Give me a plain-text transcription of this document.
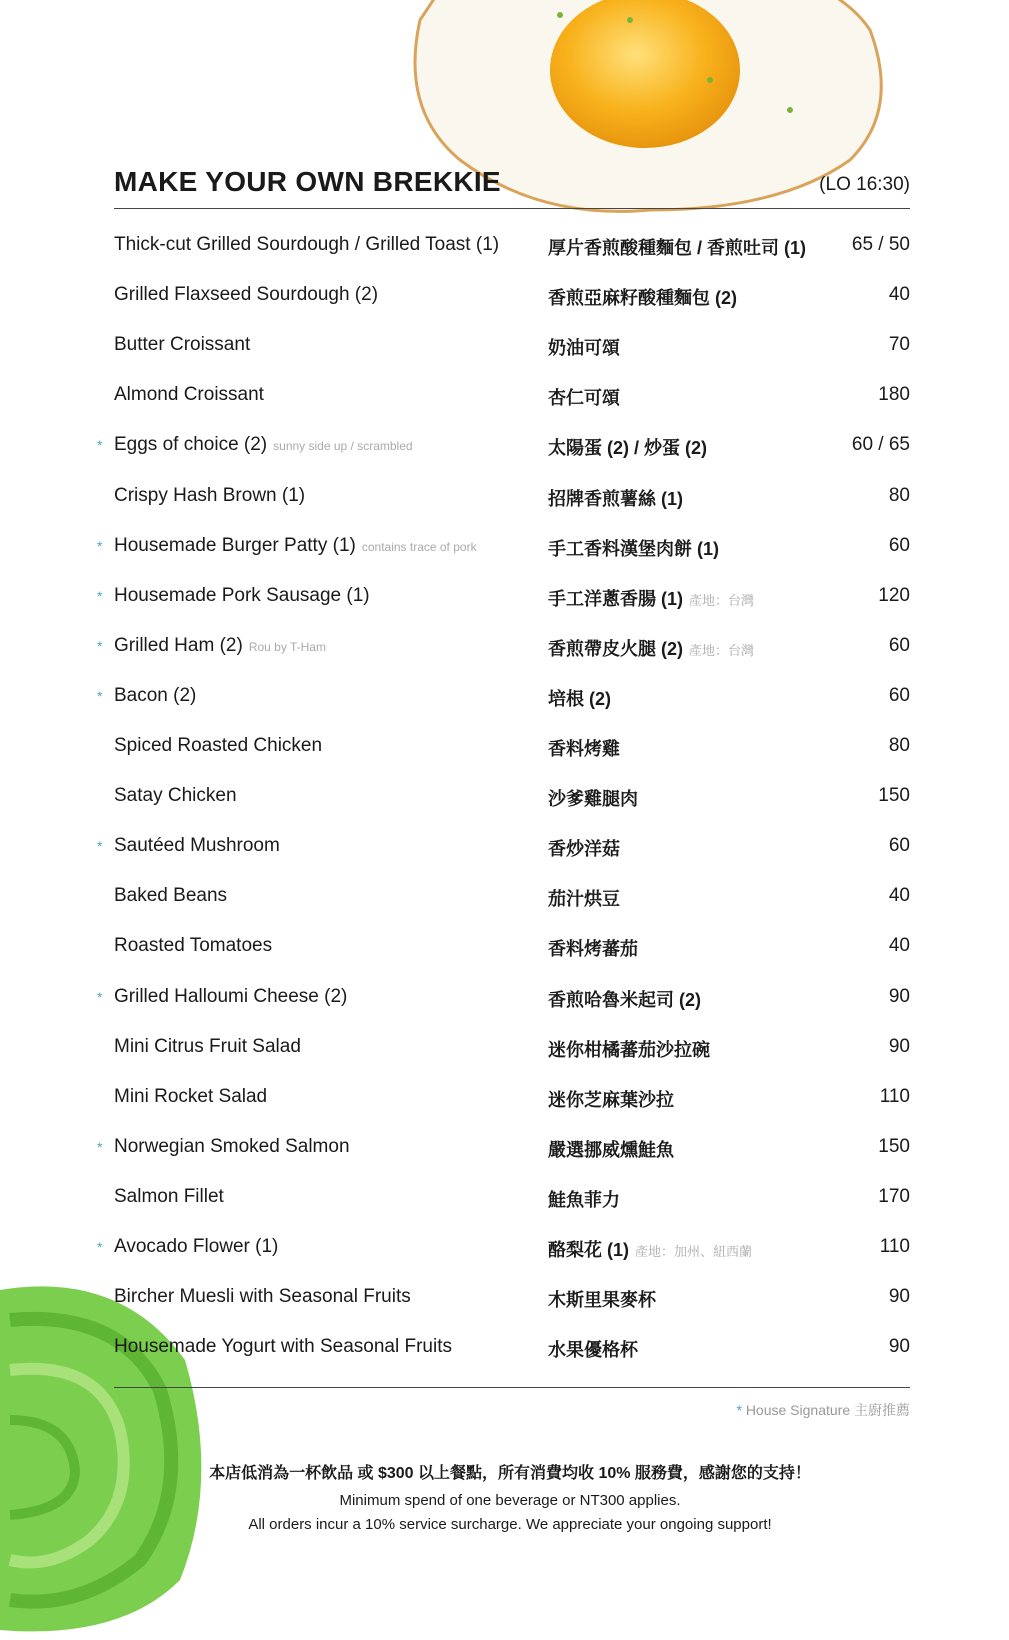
MAKE YOUR OWN BREKKIE	(LO 16:30)
Thick-cut Grilled Sourdough / Grilled Toast (1)	厚片香煎酸種麵包 / 香煎吐司 (1) 65 / 50
Grilled Flaxseed Sourdough (2)	香煎亞麻籽酸種麵包 (2)	40
Butter Croissant	奶油可頌	70
Almond Croissant	杏仁可頌	180
* Eggs of choice (2) sunny side up / scrambled	太陽蛋 (2) / 炒蛋 (2)	60 / 65
Crispy Hash Brown (1)	招牌香煎薯絲 (1)	80
* Housemade Burger Patty (1) contains trace of pork	手工香料漢堡肉餅 (1)	60
* Housemade Pork Sausage (1)	手工洋蔥香腸 (1) 產地：台灣	120
* Grilled Ham (2) Rou by T-Ham	香煎帶皮火腿 (2) 產地：台灣	60
* Bacon (2)	培根 (2)	60
Spiced Roasted Chicken	香料烤雞	80
Satay Chicken	沙爹雞腿肉	150
* Sautéed Mushroom	香炒洋菇	60
Baked Beans	茄汁烘豆	40
Roasted Tomatoes	香料烤蕃茄	40
* Grilled Halloumi Cheese (2)	香煎哈魯米起司 (2)	90
Mini Citrus Fruit Salad	迷你柑橘蕃茄沙拉碗	90
Mini Rocket Salad	迷你芝麻葉沙拉	110
* Norwegian Smoked Salmon	嚴選挪威燻鮭魚	150
Salmon Fillet	鮭魚菲力	170
* Avocado Flower (1)	酪梨花 (1) 產地：加州、紐西蘭	110
Bircher Muesli with Seasonal Fruits	木斯里果麥杯	90
Housemade Yogurt with Seasonal Fruits	水果優格杯	90
* House Signature 主廚推薦
本店低消為一杯飲品 或 $300 以上餐點，所有消費均收 10% 服務費，感謝您的支持！
Minimum spend of one beverage or NT300 applies.
All orders incur a 10% service surcharge. We appreciate your ongoing support!
